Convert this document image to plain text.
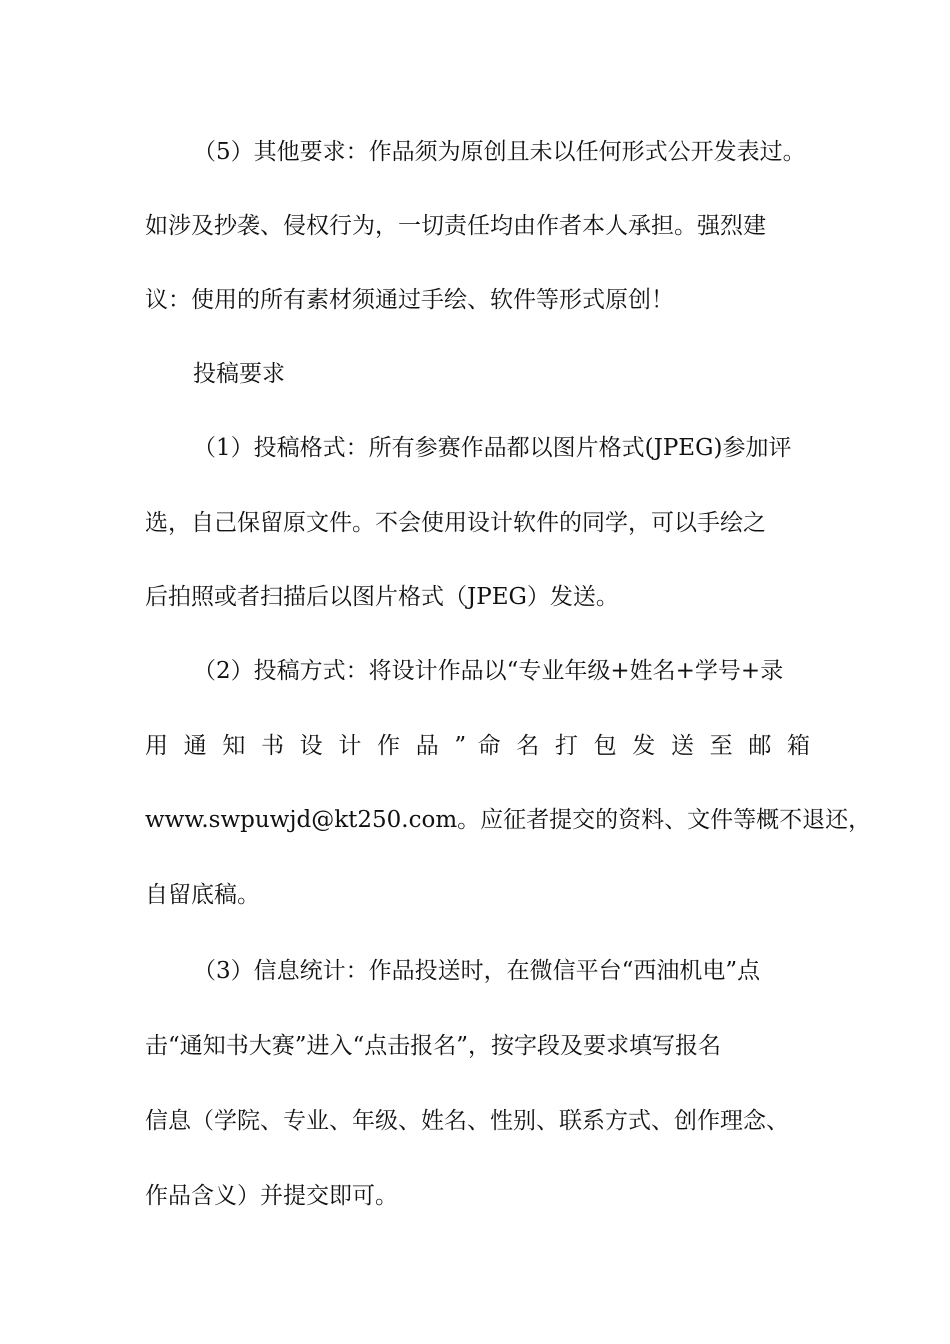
（5）其他要求：作品须为原创且未以任何形式公开发表过。
如涉及抄袭、侵权行为，一切责任均由作者本人承担。强烈建
议：使用的所有素材须通过手绘、软件等形式原创！
投稿要求
（1）投稿格式：所有参赛作品都以图片格式(JPEG)参加评
选，自己保留原文件。不会使用设计软件的同学，可以手绘之
后拍照或者扫描后以图片格式（JPEG）发送。
（2）投稿方式：将设计作品以“专业年级+姓名+学号+录
用 通 知 书 设 计 作 品 ” 命 名 打 包 发 送 至 邮 箱
www.swpuwjd@kt250.com。应征者提交的资料、文件等概不退还，
自留底稿。
（3）信息统计：作品投送时，在微信平台“西油机电”点
击“通知书大赛”进入“点击报名”，按字段及要求填写报名
信息（学院、专业、年级、姓名、性别、联系方式、创作理念、
作品含义）并提交即可。
